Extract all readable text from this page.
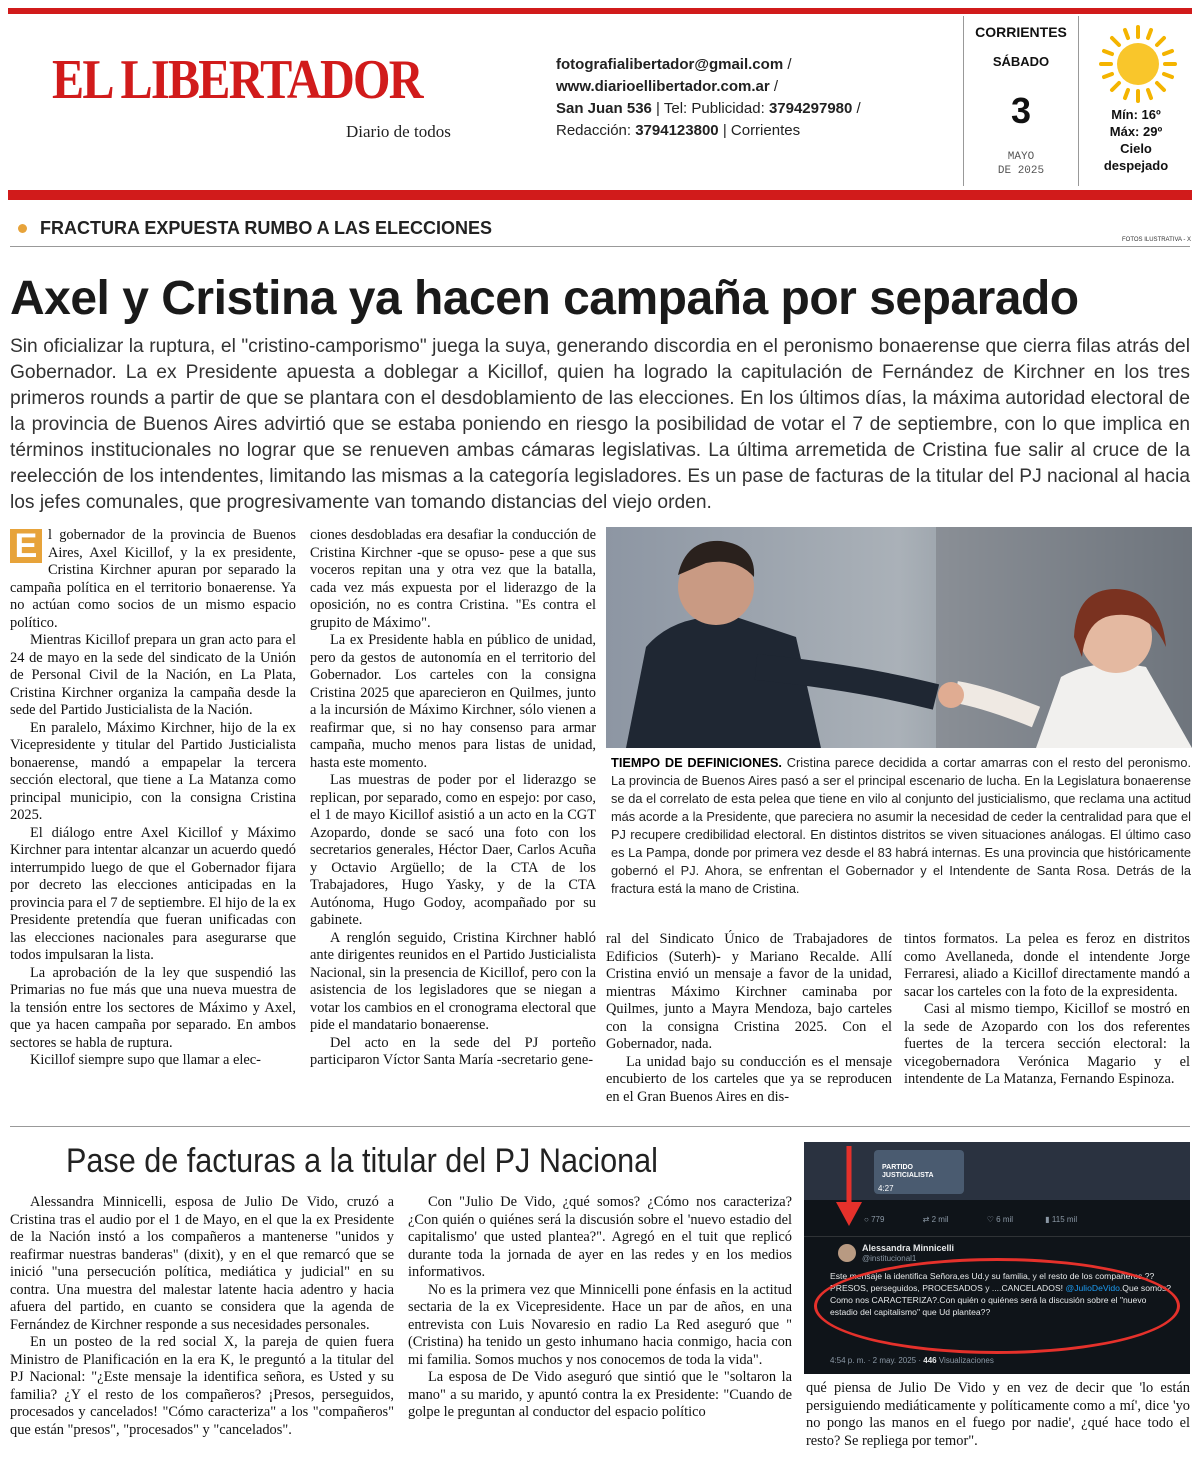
EL LIBERTADOR
Diario de todos
fotografialibertador@gmail.com /
www.diarioellibertador.com.ar /
San Juan 536 | Tel: Publicidad: 3794297980 /
Redacción: 3794123800 | Corrientes
CORRIENTES
SÁBADO
3
MAYO
DE 2025
Mín: 16º
Máx: 29º
Cielo
despejado
FRACTURA EXPUESTA RUMBO A LAS ELECCIONES
FOTOS ILUSTRATIVA - X
Axel y Cristina ya hacen campaña por separado
Sin oficializar la ruptura, el "cristino-camporismo" juega la suya, generando discordia en el peronismo bonaerense que cierra filas atrás del Gobernador. La ex Presidente apuesta a doblegar a Kicillof, quien ha logrado la capitulación de Fernández de Kirchner en los tres primeros rounds a partir de que se plantara con el desdoblamiento de las elecciones. En los últimos días, la máxima autoridad electoral de la provincia de Buenos Aires advirtió que se estaba poniendo en riesgo la posibilidad de votar el 7 de septiembre, con lo que implica en términos institucionales no lograr que se renueven ambas cámaras legislativas. La última arremetida de Cristina fue salir al cruce de la reelección de los intendentes, limitando las mismas a la categoría legisladores. Es un pase de facturas de la titular del PJ nacional al hacia los jefes comunales, que progresivamente van tomando distancias del viejo orden.

E l gobernador de la provincia de Buenos Aires, Axel Kicillof, y la ex presidente, Cristina Kirchner apuran por separado la campaña política en el territorio bonaerense. Ya no actúan como socios de un mismo espacio político.

Mientras Kicillof prepara un gran acto para el 24 de mayo en la sede del sindicato de la Unión de Personal Civil de la Nación, en La Plata, Cristina Kirchner organiza la campaña desde la sede del Partido Justicialista de la Nación.

En paralelo, Máximo Kirchner, hijo de la ex Vicepresidente y titular del Partido Justicialista bonaerense, mandó a empapelar la tercera sección electoral, que tiene a La Matanza como principal municipio, con la consigna Cristina 2025.

El diálogo entre Axel Kicillof y Máximo Kirchner para intentar alcanzar un acuerdo quedó interrumpido luego de que el Gobernador fijara por decreto las elecciones anticipadas en la provincia para el 7 de septiembre. El hijo de la ex Presidente pretendía que fueran unificadas con las elecciones nacionales para asegurarse que todos impulsaran la lista.

La aprobación de la ley que suspendió las Primarias no fue más que una nueva muestra de la tensión entre los sectores de Máximo y Axel, que ya hacen campaña por separado. En ambos sectores se habla de ruptura.

Kicillof siempre supo que llamar a elec-

ciones desdobladas era desafiar la conducción de Cristina Kirchner -que se opuso- pese a que sus voceros repitan una y otra vez que la batalla, cada vez más expuesta por el liderazgo de la oposición, no es contra Cristina. "Es contra el grupito de Máximo".

La ex Presidente habla en público de unidad, pero da gestos de autonomía en el territorio del Gobernador. Los carteles con la consigna Cristina 2025 que aparecieron en Quilmes, junto a la incursión de Máximo Kirchner, sólo vienen a reafirmar que, si no hay consenso para armar campaña, mucho menos para listas de unidad, hasta este momento.

Las muestras de poder por el liderazgo se replican, por separado, como en espejo: por caso, el 1 de mayo Kicillof asistió a un acto en la CGT Azopardo, donde se sacó una foto con los secretarios generales, Héctor Daer, Carlos Acuña y Octavio Argüello; de la CTA de los Trabajadores, Hugo Yasky, y de la CTA Autónoma, Hugo Godoy, acompañado por su gabinete.

A renglón seguido, Cristina Kirchner habló ante dirigentes reunidos en el Partido Justicialista Nacional, sin la presencia de Kicillof, pero con la asistencia de los legisladores que se niegan a votar los cambios en el cronograma electoral que pide el mandatario bonaerense.

Del acto en la sede del PJ porteño participaron Víctor Santa María -secretario gene-

TIEMPO DE DEFINICIONES. Cristina parece decidida a cortar amarras con el resto del peronismo. La provincia de Buenos Aires pasó a ser el principal escenario de lucha. En la Legislatura bonaerense se da el correlato de esta pelea que tiene en vilo al conjunto del justicialismo, que reclama una actitud más acorde a la Presidente, que pareciera no asumir la necesidad de ceder la centralidad para que el PJ recupere credibilidad electoral. En distintos distritos se viven situaciones análogas. El último caso es La Pampa, donde por primera vez desde el 83 habrá internas. Es una provincia que históricamente gobernó el PJ. Ahora, se enfrentan el Gobernador y el Intendente de Santa Rosa. Detrás de la fractura está la mano de Cristina.

ral del Sindicato Único de Trabajadores de Edificios (Suterh)- y Mariano Recalde. Allí Cristina envió un mensaje a favor de la unidad, mientras Máximo Kirchner caminaba por Quilmes, junto a Mayra Mendoza, bajo carteles con la consigna Cristina 2025. Con el Gobernador, nada.

La unidad bajo su conducción es el mensaje encubierto de los carteles que ya se reproducen en el Gran Buenos Aires en dis-

tintos formatos. La pelea es feroz en distritos como Avellaneda, donde el intendente Jorge Ferraresi, aliado a Kicillof directamente mandó a sacar los carteles con la foto de la expresidenta.

Casi al mismo tiempo, Kicillof se mostró en la sede de Azopardo con los dos referentes fuertes de la tercera sección electoral: la vicegobernadora Verónica Magario y el intendente de La Matanza, Fernando Espinoza.

Pase de facturas a la titular del PJ Nacional

Alessandra Minnicelli, esposa de Julio De Vido, cruzó a Cristina tras el audio por el 1 de Mayo, en el que la ex Presidente de la Nación instó a los compañeros a mantenerse "unidos y reafirmar nuestras banderas" (dixit), y en el que remarcó que se inició "una persecución política, mediática y judicial" en su contra. Una muestra del malestar latente hacia adentro y hacia afuera del partido, en cuanto se considera que la agenda de Fernández de Kirchner responde a sus necesidades personales.

En un posteo de la red social X, la pareja de quien fuera Ministro de Planificación en la era K, le preguntó a la titular del PJ Nacional: "¿Este mensaje la identifica señora, es Usted y su familia? ¿Y el resto de los compañeros? ¡Presos, perseguidos, procesados y cancelados! "Cómo caracteriza" a los "compañeros" que están "presos", "procesados" y "cancelados".

Con "Julio De Vido, ¿qué somos? ¿Cómo nos caracteriza? ¿Con quién o quiénes será la discusión sobre el 'nuevo estadio del capitalismo' que usted plantea?". Agregó en el tuit que replicó durante toda la jornada de ayer en las redes y en los medios informativos.

No es la primera vez que Minnicelli pone énfasis en la actitud sectaria de la ex Vicepresidente. Hace un par de años, en una entrevista con Luis Novaresio en radio La Red aseguró que "(Cristina) ha tenido un gesto inhumano hacia conmigo, hacia con mi familia. Somos muchos y nos conocemos de toda la vida".

La esposa de De Vido aseguró que sintió que le "soltaron la mano" a su marido, y apuntó contra la ex Presidente: "Cuando de golpe le preguntan al conductor del espacio político

PARTIDO
JUSTICIALISTA
4:27
○ 779	⇄ 2 mil	♡ 6 mil	▮ 115 mil
Alessandra Minnicelli
@institucional1
Este mensaje la identifica Señora,es Ud.y su familia, y el resto de los compañeros ?? PRESOS, perseguidos, PROCESADOS y ....CANCELADOS! @JulioDeVido.Que somos? Como nos CARACTERIZA?.Con quién o quiénes será la discusión sobre el "nuevo estadio del capitalismo" que Ud plantea??
4:54 p. m. · 2 may. 2025 · 446 Visualizaciones

qué piensa de Julio De Vido y en vez de decir que 'lo están persiguiendo mediáticamente y políticamente como a mí', dice 'yo no pongo las manos en el fuego por nadie', ¿qué hace todo el resto? Se repliega por temor".
